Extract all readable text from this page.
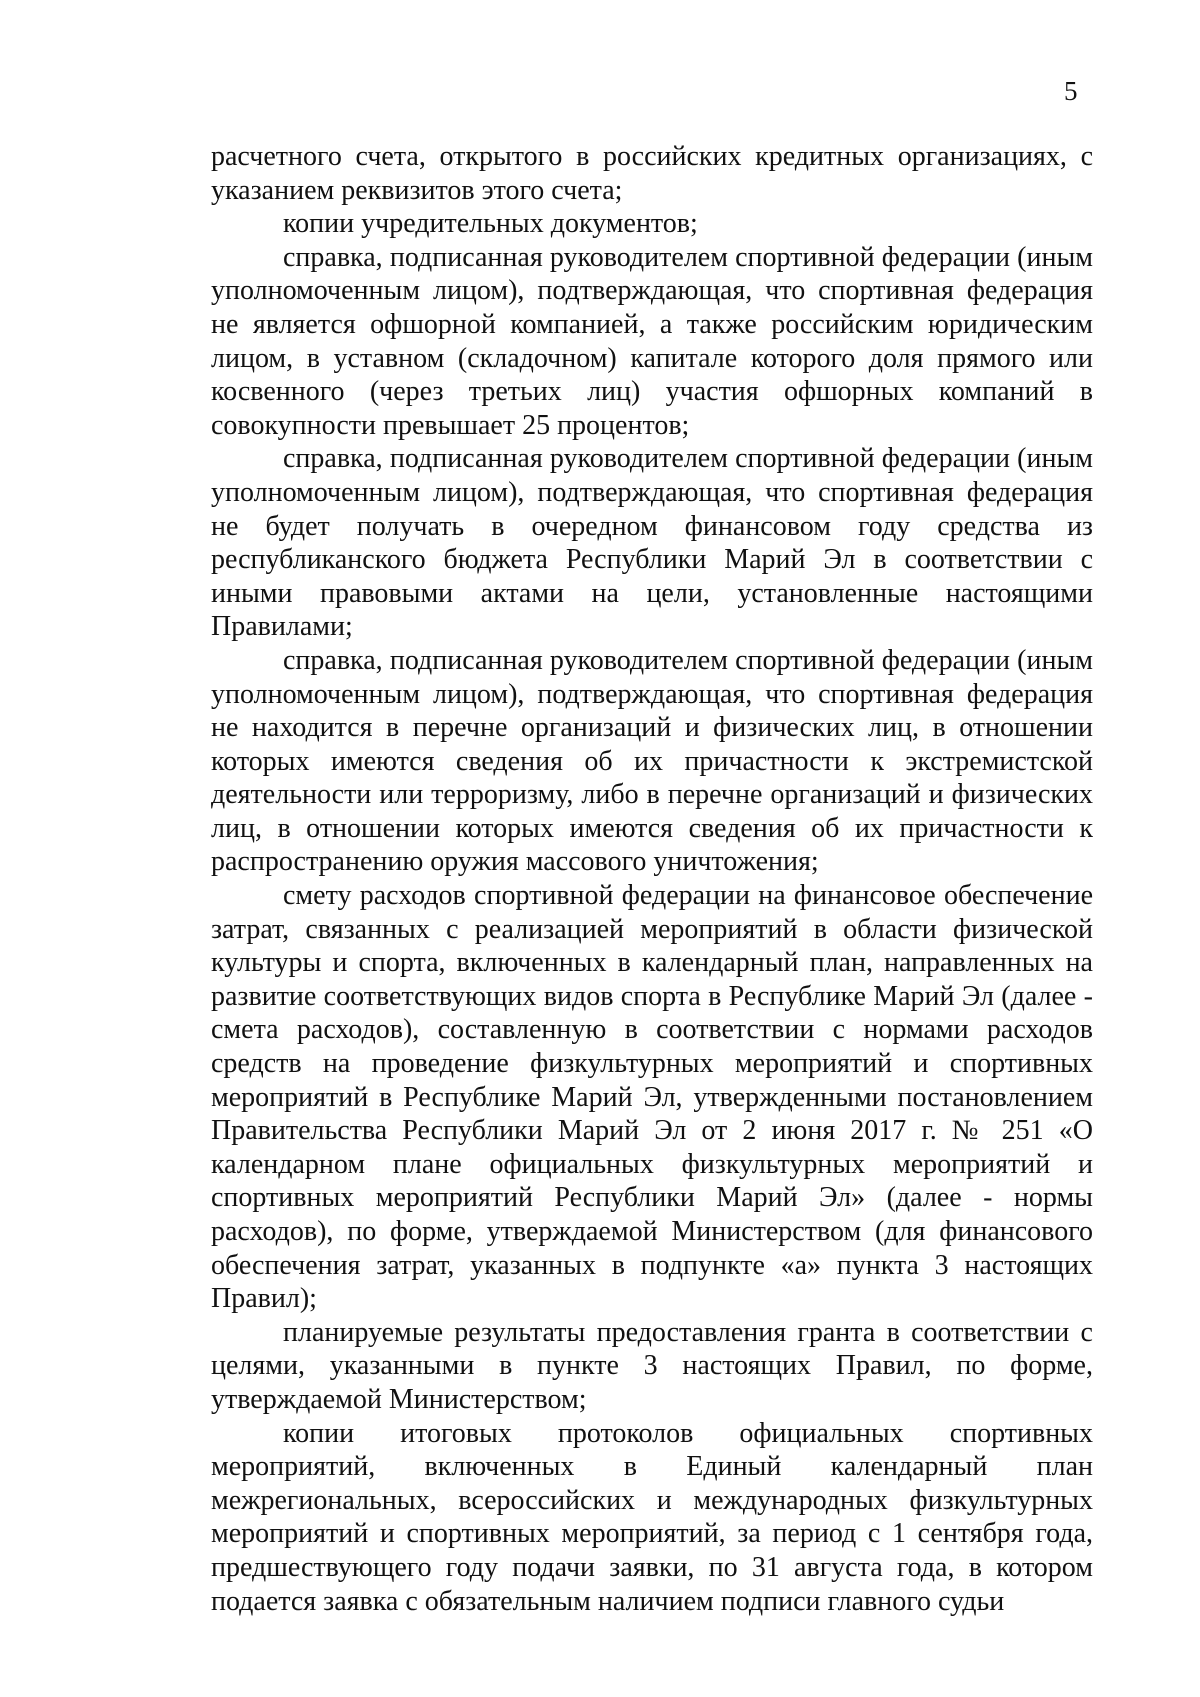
5

расчетного счета, открытого в российских кредитных организациях, с указанием реквизитов этого счета;

копии учредительных документов;

справка, подписанная руководителем спортивной федерации (иным уполномоченным лицом), подтверждающая, что спортивная федерация не является офшорной компанией, а также российским юридическим лицом, в уставном (складочном) капитале которого доля прямого или косвенного (через третьих лиц) участия офшорных компаний в совокупности превышает 25 процентов;

справка, подписанная руководителем спортивной федерации (иным уполномоченным лицом), подтверждающая, что спортивная федерация не будет получать в очередном финансовом году средства из республиканского бюджета Республики Марий Эл в соответствии с иными правовыми актами на цели, установленные настоящими Правилами;

справка, подписанная руководителем спортивной федерации (иным уполномоченным лицом), подтверждающая, что спортивная федерация не находится в перечне организаций и физических лиц, в отношении которых имеются сведения об их причастности к экстремистской деятельности или терроризму, либо в перечне организаций и физических лиц, в отношении которых имеются сведения об их причастности к распространению оружия массового уничтожения;

смету расходов спортивной федерации на финансовое обеспечение затрат, связанных с реализацией мероприятий в области физической культуры и спорта, включенных в календарный план, направленных на развитие соответствующих видов спорта в Республике Марий Эл (далее - смета расходов), составленную в соответствии с нормами расходов средств на проведение физкультурных мероприятий и спортивных мероприятий в Республике Марий Эл, утвержденными постановлением Правительства Республики Марий Эл от 2 июня 2017 г. № 251 «О календарном плане официальных физкультурных мероприятий и спортивных мероприятий Республики Марий Эл» (далее - нормы расходов), по форме, утверждаемой Министерством (для финансового обеспечения затрат, указанных в подпункте «а» пункта 3 настоящих Правил);

планируемые результаты предоставления гранта в соответствии с целями, указанными в пункте 3 настоящих Правил, по форме, утверждаемой Министерством;

копии итоговых протоколов официальных спортивных мероприятий, включенных в Единый календарный план межрегиональных, всероссийских и международных физкультурных мероприятий и спортивных мероприятий, за период с 1 сентября года, предшествующего году подачи заявки, по 31 августа года, в котором подается заявка с обязательным наличием подписи главного судьи
